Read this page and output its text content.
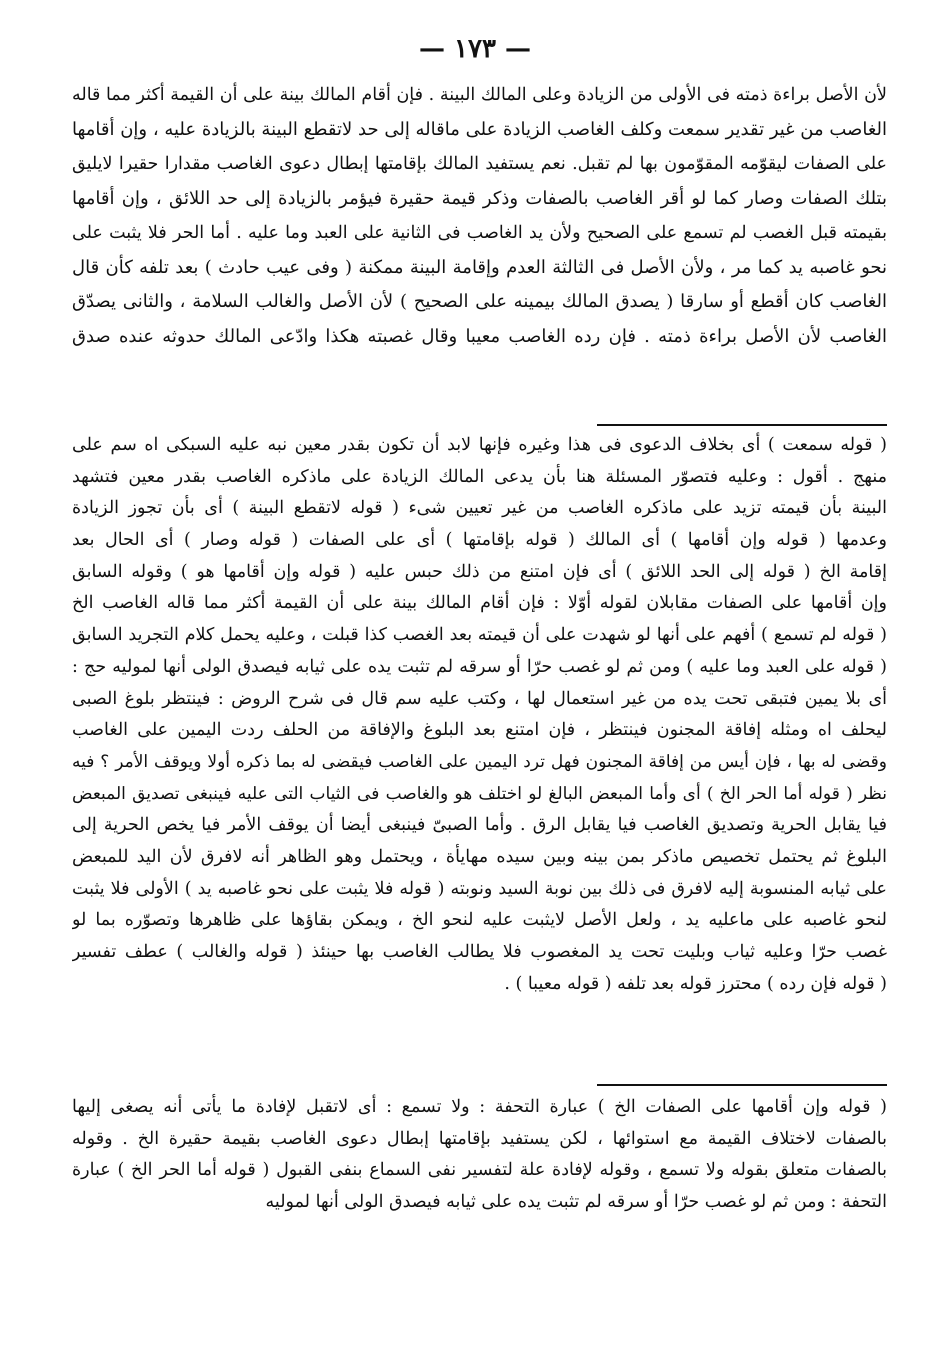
— ١٧٣ —
لأن الأصل براءة ذمته فى الأولى من الزيادة وعلى المالك البينة . فإن أقام المالك بينة على أن القيمة أكثر مما قاله
الغاصب من غير تقدير سمعت وكلف الغاصب الزيادة على ماقاله إلى حد لاتقطع البينة بالزيادة عليه ، وإن أقامها
على الصفات ليقوّمه المقوّمون بها لم تقبل. نعم يستفيد المالك بإقامتها إبطال دعوى الغاصب مقدارا حقيرا لايليق
بتلك الصفات وصار كما لو أقر الغاصب بالصفات وذكر قيمة حقيرة فيؤمر بالزيادة إلى حد اللائق ، وإن أقامها
بقيمته قبل الغصب لم تسمع على الصحيح ولأن يد الغاصب فى الثانية على العبد وما عليه . أما الحر فلا يثبت على
نحو غاصبه يد كما مر ، ولأن الأصل فى الثالثة العدم وإقامة البينة ممكنة ( وفى عيب حادث ) بعد تلفه كأن قال
الغاصب كان أقطع أو سارقا ( يصدق المالك بيمينه على الصحيح ) لأن الأصل والغالب السلامة ، والثانى يصدّق
الغاصب لأن الأصل براءة ذمته . فإن رده الغاصب معيبا وقال غصبته هكذا وادّعى المالك حدوثه عنده صدق
( قوله سمعت ) أى بخلاف الدعوى فى هذا وغيره فإنها لابد أن تكون بقدر معين نبه عليه السبكى اه سم على
منهج . أقول : وعليه فتصوّر المسئلة هنا بأن يدعى المالك الزيادة على ماذكره الغاصب بقدر معين فتشهد
البينة بأن قيمته تزيد على ماذكره الغاصب من غير تعيين شىء ( قوله لاتقطع البينة ) أى بأن تجوز الزيادة
وعدمها ( قوله وإن أقامها ) أى المالك ( قوله بإقامتها ) أى على الصفات ( قوله وصار ) أى الحال بعد
إقامة الخ ( قوله إلى الحد اللائق ) أى فإن امتنع من ذلك حبس عليه ( قوله وإن أقامها هو ) وقوله السابق
وإن أقامها على الصفات مقابلان لقوله أوّلا : فإن أقام المالك بينة على أن القيمة أكثر مما قاله الغاصب الخ
( قوله لم تسمع ) أفهم على أنها لو شهدت على أن قيمته بعد الغصب كذا قبلت ، وعليه يحمل كلام التجريد السابق
( قوله على العبد وما عليه ) ومن ثم لو غصب حرّا أو سرقه لم تثبت يده على ثيابه فيصدق الولى أنها لموليه حج :
أى بلا يمين فتبقى تحت يده من غير استعمال لها ، وكتب عليه سم قال فى شرح الروض : فينتظر بلوغ الصبى
ليحلف اه ومثله إفاقة المجنون فينتظر ، فإن امتنع بعد البلوغ والإفاقة من الحلف ردت اليمين على الغاصب
وقضى له بها ، فإن أيس من إفاقة المجنون فهل ترد اليمين على الغاصب فيقضى له بما ذكره أولا ويوقف الأمر ؟ فيه
نظر ( قوله أما الحر الخ ) أى وأما المبعض البالغ لو اختلف هو والغاصب فى الثياب التى عليه فينبغى تصديق المبعض
فيا يقابل الحرية وتصديق الغاصب فيا يقابل الرق . وأما الصبىّ فينبغى أيضا أن يوقف الأمر فيا يخص الحرية إلى
البلوغ ثم يحتمل تخصيص ماذكر بمن بينه وبين سيده مهايأة ، ويحتمل وهو الظاهر أنه لافرق لأن اليد للمبعض
على ثيابه المنسوبة إليه لافرق فى ذلك بين نوبة السيد ونوبته ( قوله فلا يثبت على نحو غاصبه يد ) الأولى فلا يثبت
لنحو غاصبه على ماعليه يد ، ولعل الأصل لايثبت عليه لنحو الخ ، ويمكن بقاؤها على ظاهرها وتصوّره بما لو
غصب حرّا وعليه ثياب وبليت تحت يد المغصوب فلا يطالب الغاصب بها حينئذ ( قوله والغالب ) عطف تفسير
( قوله فإن رده ) محترز قوله بعد تلفه ( قوله معيبا ) .
( قوله وإن أقامها على الصفات الخ ) عبارة التحفة : ولا تسمع : أى لاتقبل لإفادة ما يأتى أنه يصغى إليها
بالصفات لاختلاف القيمة مع استوائها ، لكن يستفيد بإقامتها إبطال دعوى الغاصب بقيمة حقيرة الخ . وقوله
بالصفات متعلق بقوله ولا تسمع ، وقوله لإفادة علة لتفسير نفى السماع بنفى القبول ( قوله أما الحر الخ ) عبارة
التحفة : ومن ثم لو غصب حرّا أو سرقه لم تثبت يده على ثيابه فيصدق الولى أنها لموليه
